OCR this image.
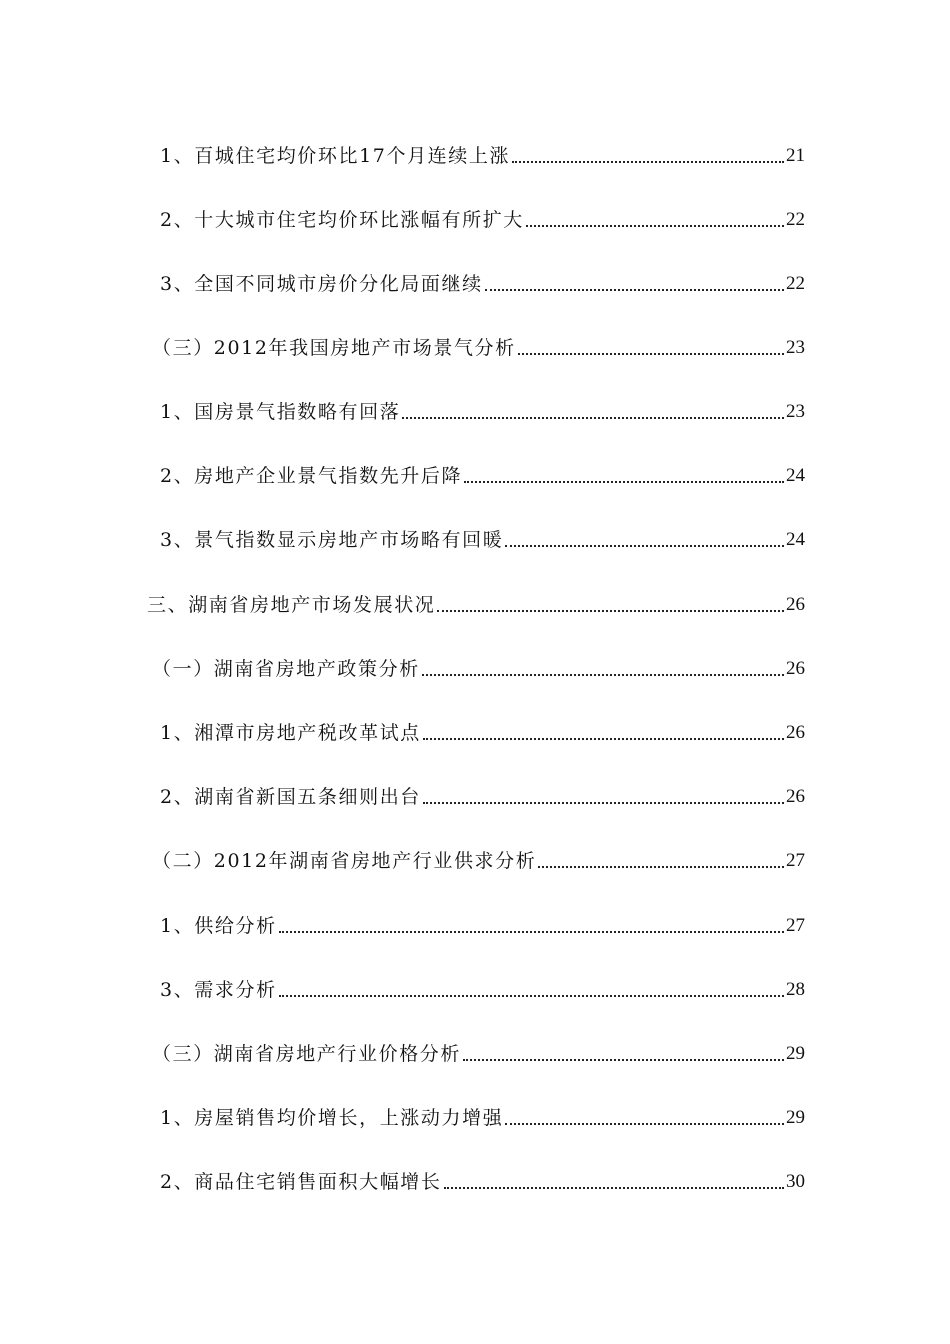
1、百城住宅均价环比17个月连续上涨	21
2、十大城市住宅均价环比涨幅有所扩大	22
3、全国不同城市房价分化局面继续	22
（三）2012年我国房地产市场景气分析	23
1、国房景气指数略有回落	23
2、房地产企业景气指数先升后降	24
3、景气指数显示房地产市场略有回暖	24
三、湖南省房地产市场发展状况	26
（一）湖南省房地产政策分析	26
1、湘潭市房地产税改革试点	26
2、湖南省新国五条细则出台	26
（二）2012年湖南省房地产行业供求分析	27
1、供给分析	27
3、需求分析	28
（三）湖南省房地产行业价格分析	29
1、房屋销售均价增长，上涨动力增强	29
2、商品住宅销售面积大幅增长	30
